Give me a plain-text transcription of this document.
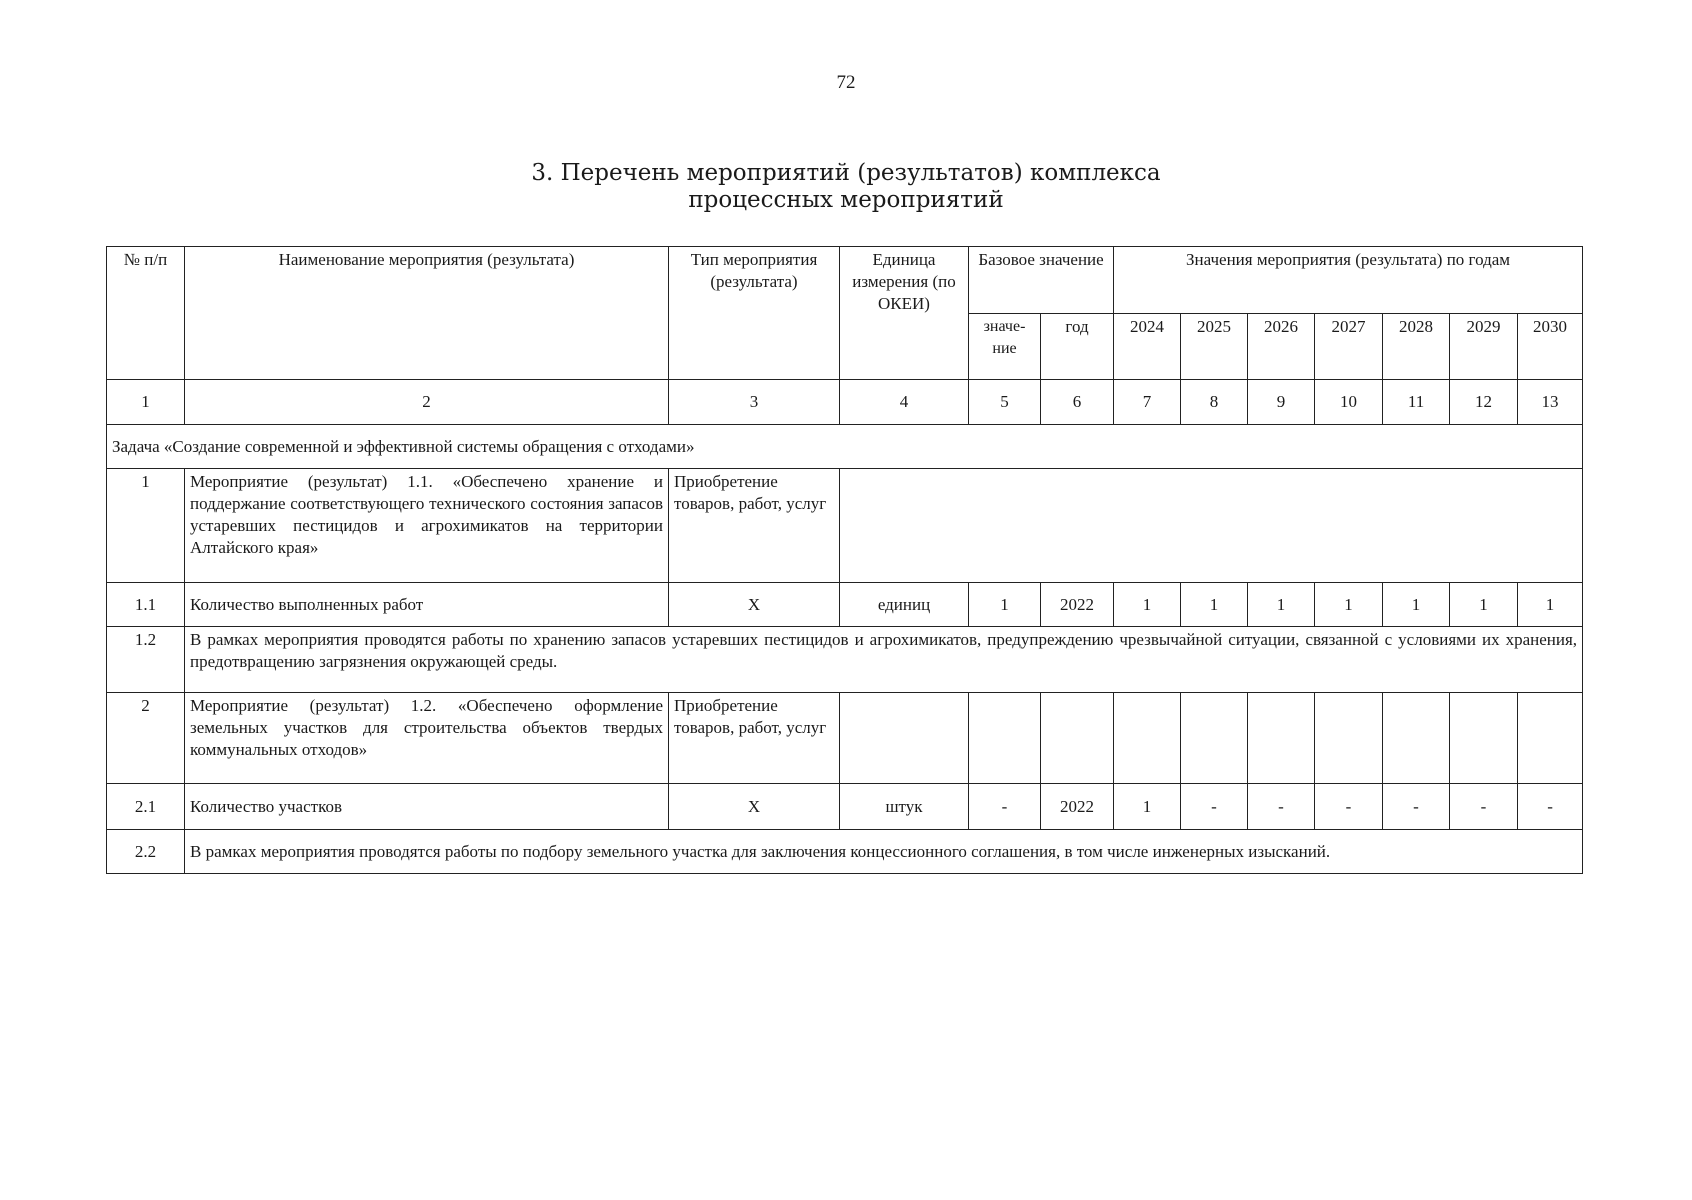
72
3. Перечень мероприятий (результатов) комплекса
процессных мероприятий
№ п/п	Наименование мероприятия (результата)	Тип мероприятия (результата)	Единица измерения (по ОКЕИ)	Базовое значение		Значения мероприятия (результата) по годам						
				значе-ние	год	2024	2025	2026	2027	2028	2029	2030
1	2	3	4	5	6	7	8	9	10	11	12	13
Задача «Создание современной и эффективной системы обращения с отходами»												
1	Мероприятие (результат) 1.1. «Обеспечено хранение и поддержание соответствующего технического состояния запасов устаревших пестицидов и агрохимикатов на территории Алтайского края»	Приобретение товаров, работ, услуг										
1.1	Количество выполненных работ	Х	единиц	1	2022	1	1	1	1	1	1	1
1.2	В рамках мероприятия проводятся работы по хранению запасов устаревших пестицидов и агрохимикатов, предупреждению чрезвычайной ситуации, связанной с условиями их хранения, предотвращению загрязнения окружающей среды.											
2	Мероприятие (результат) 1.2. «Обеспечено оформление земельных участков для строительства объектов твердых коммунальных отходов»	Приобретение товаров, работ, услуг										
2.1	Количество участков	Х	штук	-	2022	1	-	-	-	-	-	-
2.2	В рамках мероприятия проводятся работы по подбору земельного участка для заключения концессионного соглашения, в том числе инженерных изысканий.											
